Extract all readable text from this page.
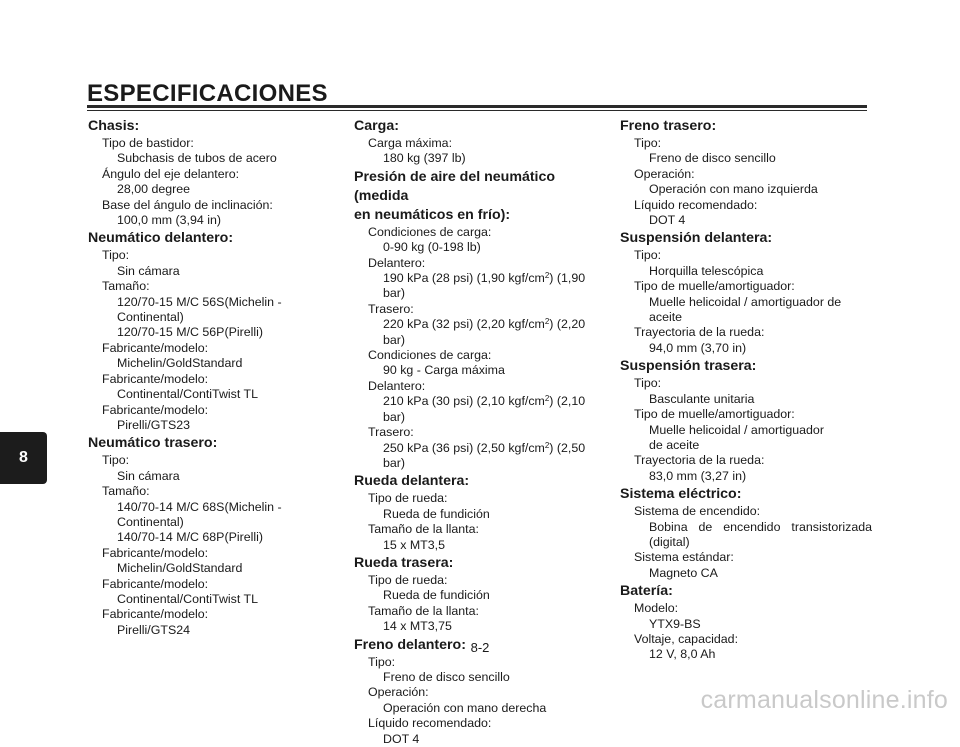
ESPECIFICACIONES
Chasis:
Tipo de bastidor:
Subchasis de tubos de acero
Ángulo del eje delantero:
28,00 degree
Base del ángulo de inclinación:
100,0 mm (3,94 in)
Neumático delantero:
Tipo:
Sin cámara
Tamaño:
120/70-15 M/C 56S(Michelin -
Continental)
120/70-15 M/C 56P(Pirelli)
Fabricante/modelo:
Michelin/GoldStandard
Fabricante/modelo:
Continental/ContiTwist TL
Fabricante/modelo:
Pirelli/GTS23
Neumático trasero:
Tipo:
Sin cámara
Tamaño:
140/70-14 M/C 68S(Michelin -
Continental)
140/70-14 M/C 68P(Pirelli)
Fabricante/modelo:
Michelin/GoldStandard
Fabricante/modelo:
Continental/ContiTwist TL
Fabricante/modelo:
Pirelli/GTS24
Carga:
Carga máxima:
180 kg (397 lb)
Presión de aire del neumático (medida
en neumáticos en frío):
Condiciones de carga:
0-90 kg (0-198 lb)
Delantero:
190 kPa (28 psi) (1,90 kgf/$cm^2$) (1,90 bar)
Trasero:
220 kPa (32 psi) (2,20 kgf/$cm^2$) (2,20 bar)
Condiciones de carga:
90 kg - Carga máxima
Delantero:
210 kPa (30 psi) (2,10 kgf/$cm^2$) (2,10 bar)
Trasero:
250 kPa (36 psi) (2,50 kgf/$cm^2$) (2,50 bar)
Rueda delantera:
Tipo de rueda:
Rueda de fundición
Tamaño de la llanta:
15 x MT3,5
Rueda trasera:
Tipo de rueda:
Rueda de fundición
Tamaño de la llanta:
14 x MT3,75
Freno delantero:
Tipo:
Freno de disco sencillo
Operación:
Operación con mano derecha
Líquido recomendado:
DOT 4
Freno trasero:
Tipo:
Freno de disco sencillo
Operación:
Operación con mano izquierda
Líquido recomendado:
DOT 4
Suspensión delantera:
Tipo:
Horquilla telescópica
Tipo de muelle/amortiguador:
Muelle helicoidal / amortiguador de
aceite
Trayectoria de la rueda:
94,0 mm (3,70 in)
Suspensión trasera:
Tipo:
Basculante unitaria
Tipo de muelle/amortiguador:
Muelle helicoidal / amortiguador
de aceite
Trayectoria de la rueda:
83,0 mm (3,27 in)
Sistema eléctrico:
Sistema de encendido:
Bobina de encendido transistorizada
(digital)
Sistema estándar:
Magneto CA
Batería:
Modelo:
YTX9-BS
Voltaje, capacidad:
12 V, 8,0 Ah
8
8-2
carmanualsonline.info
